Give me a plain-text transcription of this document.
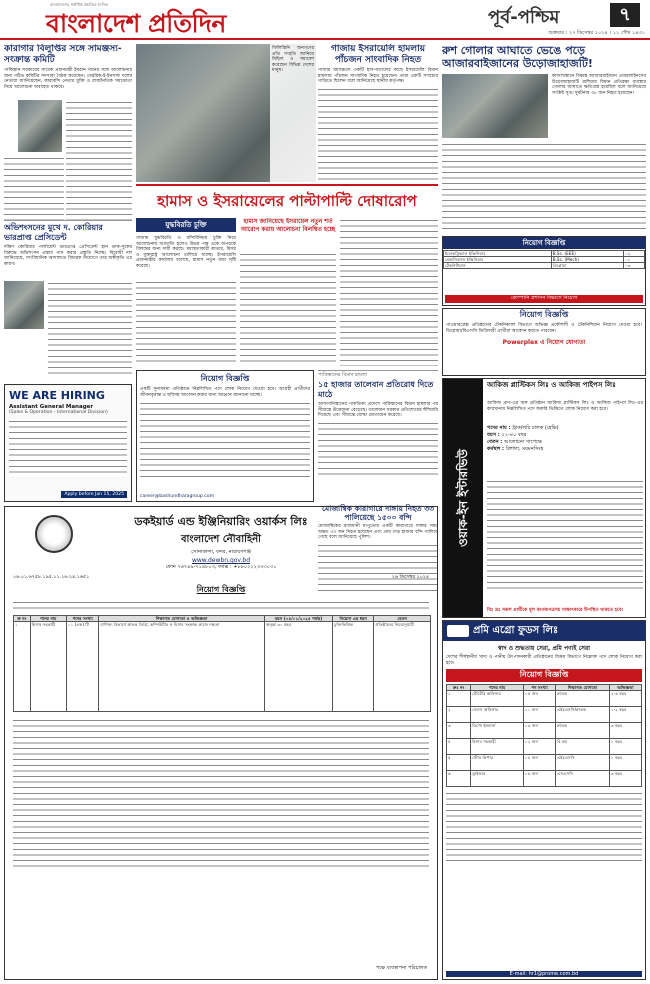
বাংলাদেশের সর্বাধিক প্রচারিত দৈনিক
বাংলাদেশ প্রতিদিন	পূর্ব-পশ্চিম	৭
শুক্রবার । ২৭ ডিসেম্বর ২০২৪ । ১২ পৌষ ১৪৩১
কারাগার বিলুপ্তির সঙ্গে সামঞ্জস্য-সংক্রান্ত কমিটি
পাকিস্তান সরকারের সাবেক প্রধানমন্ত্রী ইমরান খানের সঙ্গে আলোচনার জন্য গঠিত কমিটির সদস্যরা বৈঠক করেছেন। তেহরিক-ই-ইনসাফ দলের নেতারা জানিয়েছেন, কারাবন্দি নেতার মুক্তি ও রাজনৈতিক সমঝোতা নিয়ে আলোচনা অব্যাহত থাকবে।
অভিশংসনের মুখে দ. কোরিয়ার ভারপ্রাপ্ত প্রেসিডেন্ট
দক্ষিণ কোরিয়ার পার্লামেন্ট ভারপ্রাপ্ত প্রেসিডেন্ট হান ডাক-সুকের বিরুদ্ধে অভিশংসন প্রস্তাব পাস করার প্রস্তুতি নিচ্ছে। বিরোধী দল জানিয়েছে, সাংবিধানিক আদালতে বিচারক নিয়োগে তার অস্বীকৃতি এর কারণ।
WE ARE HIRING
Assistant General Manager
(Sales & Operation - International Division)
Apply before Jan 15, 2025
ফিলিস্তিনি জনগণের প্রতি সংহতি জানিয়ে মিছিল ও সমাবেশ করেছেন বিভিন্ন দেশের মানুষ।
গাজায় ইসরায়েলি হামলায় পাঁচজন সাংবাদিক নিহত
গাজার মধ্যাঞ্চলে একটি হাসপাতালের কাছে ইসরায়েলি বিমান হামলায় পাঁচজন সাংবাদিক নিহত হয়েছেন। তারা একটি সম্প্রচার গাড়িতে ছিলেন বলে জানিয়েছে স্থানীয় কর্তৃপক্ষ।
হামাস ও ইসরায়েলের পাল্টাপাল্টি দোষারোপ
যুদ্ধবিরতি চুক্তি	হামাস জানিয়েছে ইসরায়েল নতুন শর্ত আরোপ করায় আলোচনা বিলম্বিত হচ্ছে
গাজায় যুদ্ধবিরতি ও বন্দিবিনিময় চুক্তি নিয়ে আলোচনায় অগ্রগতি হলেও উভয় পক্ষ একে অপরকে বিলম্বের জন্য দায়ী করছে। মধ্যস্থতাকারী কাতার, মিসর ও যুক্তরাষ্ট্র আলোচনা চালিয়ে যাচ্ছে। ইসরায়েলি প্রধানমন্ত্রীর কার্যালয় বলেছে, হামাস নতুন বাধা সৃষ্টি করেছে।
পাকিস্তানের বিমান হামলা
১৫ হাজার তালেবান প্রতিরোধ দিতে মাঠে
আফগানিস্তানের পাকতিকা প্রদেশে পাকিস্তানের বিমান হামলার পর সীমান্তে উত্তেজনা বেড়েছে। তালেবান সরকার প্রতিশোধের হুঁশিয়ারি দিয়েছে এবং সীমান্তে যোদ্ধা মোতায়েন করেছে।
নিয়োগ বিজ্ঞপ্তি
একটি সুনামধন্য প্রতিষ্ঠানে নিম্নলিখিত পদে লোক নিয়োগ দেওয়া হবে। আগ্রহী প্রার্থীদের জীবনবৃত্তান্ত ও ছবিসহ আবেদন করার জন্য আহ্বান জানানো যাচ্ছে।
career@bashundharagroup.com
মোজাম্বিক কারাগারে দাঙ্গায় নিহত ৩৩ পালিয়েছে ১৫০০ বন্দি
মোজাম্বিকের রাজধানী মাপুতোর একটি কারাগারে দাঙ্গার সময় অন্তত ৩৩ জন নিহত হয়েছেন এবং প্রায় দেড় হাজার বন্দি পালিয়ে গেছে বলে জানিয়েছে পুলিশ।
রুশ গোলার আঘাতে ভেঙে পড়ে আজারবাইজানের উড়োজাহাজটি!
কাজাখস্তানে বিধ্বস্ত আজারবাইজান এয়ারলাইনসের উড়োজাহাজটি রাশিয়ার বিমান প্রতিরক্ষা ব্যবস্থার গোলার আঘাতে ক্ষতিগ্রস্ত হয়েছিল বলে জানিয়েছে সংশ্লিষ্ট সূত্র। দুর্ঘটনায় ৩৮ জন নিহত হয়েছেন।
নিয়োগ বিজ্ঞপ্তি
ইলেকট্রিক্যাল ইঞ্জিনিয়ার	B.Sc. (EEE)	০২
মেকানিক্যাল ইঞ্জিনিয়ার	B.Sc. (Mech)	০১
টেকনিশিয়ান	ডিপ্লোমা	০৩
কোম্পানি প্রশাসন বিভাগে নিয়োগ
নিয়োগ বিজ্ঞপ্তি
পাওয়ারপ্লেক্স প্রতিষ্ঠানের টেকনিক্যাল বিভাগে অভিজ্ঞ প্রকৌশলী ও টেকনিশিয়ান নিয়োগ দেওয়া হবে। ডিপ্লোমা/বিএসসি ডিগ্রিধারী প্রার্থীরা আবেদন করতে পারবেন।
Powerplex এ নিয়োগ যোগ্যতা
ওয়াক-ইন ইন্টারভিউ
আকিজ প্লাস্টিকস লিঃ ও আকিজ পাইপস লিঃ
আকিজ গ্রুপ-এর অঙ্গ প্রতিষ্ঠান আকিজ প্লাস্টিকস লিঃ ও আকিজ পাইপস লিঃ-এর কারখানায় নিম্নলিখিত পদে জরুরি ভিত্তিতে লোক নিয়োগ করা হবে।
পদের নাম : ট্রাক/লরি চালক (হেভি)
বয়স : ২২-৪০ বছর
বেতন : আলোচনা সাপেক্ষে
কর্মস্থল : ত্রিশাল, ময়মনসিংহ
বিঃ দ্রঃ সকল প্রার্থীকে মূল কাগজপত্রসহ সাক্ষাৎকারে উপস্থিত থাকতে হবে।
ডকইয়ার্ড এন্ড ইঞ্জিনিয়ারিং ওয়ার্কস লিঃ
বাংলাদেশ নৌবাহিনী
সোনাকান্দা, বন্দর, নারায়ণগঞ্জ
www.dewbn.gov.bd
ফোন ৭৬৭৪৯-৭১৪৮০৩, ফ্যাক্স : +৮৮০২২২৩৩৩০৩১
০৬.০১.৬৭৫৮.১৯৫.১১.২৬.২৪.১৬৫১	২৬ ডিসেম্বর ২০২৪
নিয়োগ বিজ্ঞপ্তি
ক্র নং	পদের নাম	পদের সংখ্যা	শিক্ষাগত যোগ্যতা ও অভিজ্ঞতা	বয়স (০৫/০১/২০২৫ পর্যন্ত)	নিয়োগ এর ধরন	বেতন
১	হিসাব সহকারী	০১ (এক) টি	বাণিজ্য বিভাগে স্নাতক ডিগ্রি; কম্পিউটার ও হিসাব সংক্রান্ত কাজে দক্ষতা	অনূর্ধ্ব ৩০ বছর	চুক্তিভিত্তিক	প্রতিষ্ঠানের নিয়মানুযায়ী
পক্ষে ব্যবস্থাপনা পরিচালক
প্রমি এগ্রো ফুডস লিঃ
স্বাদ ও শুদ্ধতায় সেরা, প্রমি পণ্যই সেরা
দেশের শীর্ষস্থানীয় খাদ্য ও পানীয় উৎপাদনকারী প্রতিষ্ঠানের বিক্রয় বিভাগে নিম্নোক্ত পদে লোক নিয়োগ করা হবে।
নিয়োগ বিজ্ঞপ্তি
ক্রঃ নং	পদের নাম	পদ সংখ্যা	শিক্ষাগত যোগ্যতা	অভিজ্ঞতা
১	টেরিটরি অফিসার	০৫ জন	স্নাতক	২-৩ বছর
২	সেলস অফিসার	১০ জন	এইচএসসি/স্নাতক	১-২ বছর
৩	ডিপো ইনচার্জ	০৩ জন	স্নাতক	৩ বছর
৪	হিসাব সহকারী	০২ জন	বি.কম	১ বছর
৫	স্টোর কিপার	০৪ জন	এইচএসসি	১ বছর
৬	ড্রাইভার	০৬ জন	এসএসসি	৩ বছর
E-mail: hr1@prome.com.bd
